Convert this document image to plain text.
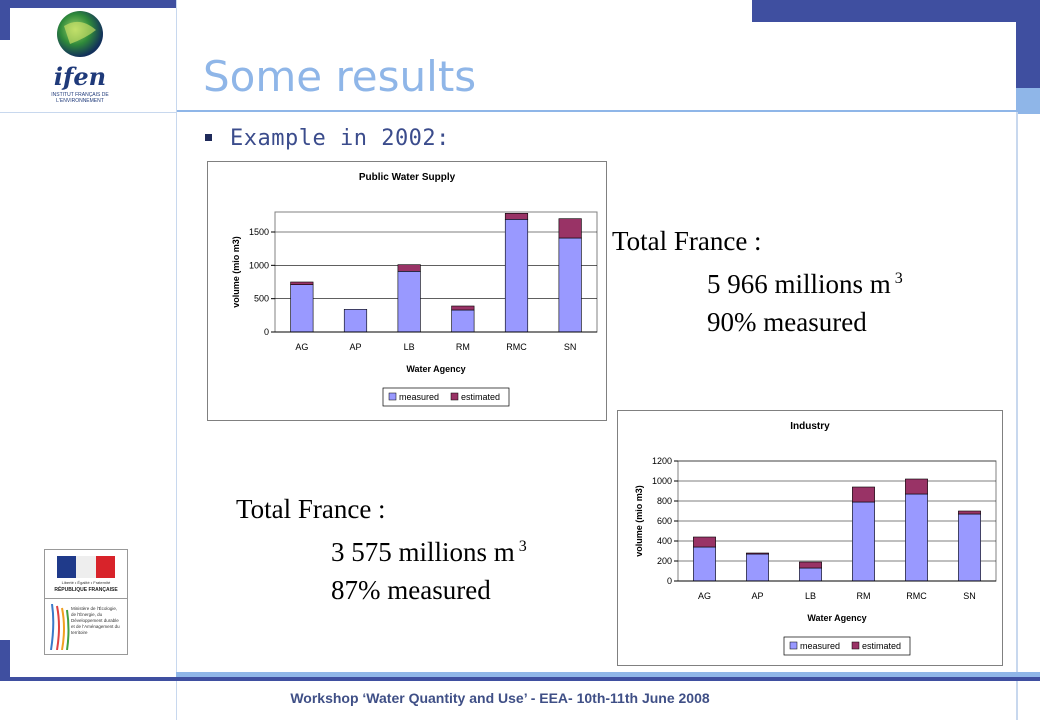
ifen
INSTITUT FRANÇAIS DE L'ENVIRONNEMENT
Liberté • Égalité • Fraternité
RÉPUBLIQUE FRANÇAISE
Ministère de l'Écologie, de l'Énergie, du Développement durable et de l'Aménagement du territoire
Some results
Example in 2002:
Public Water Supply
0
500
1000
1500
AG	AP	LB	RM	RMC	SN
Water Agency
volume (mio m3)
measured estimated
Industry
0
200
400
600
800
1000
1200
AG	AP	LB	RM	RMC	SN
Water Agency
volume (mio m3)
measured estimated
Total France :
5 966 millions m $^3$
90% measured
Total France :
3 575 millions m $^3$
87% measured
Workshop ‘Water Quantity and Use’ - EEA- 10th-11th June 2008
